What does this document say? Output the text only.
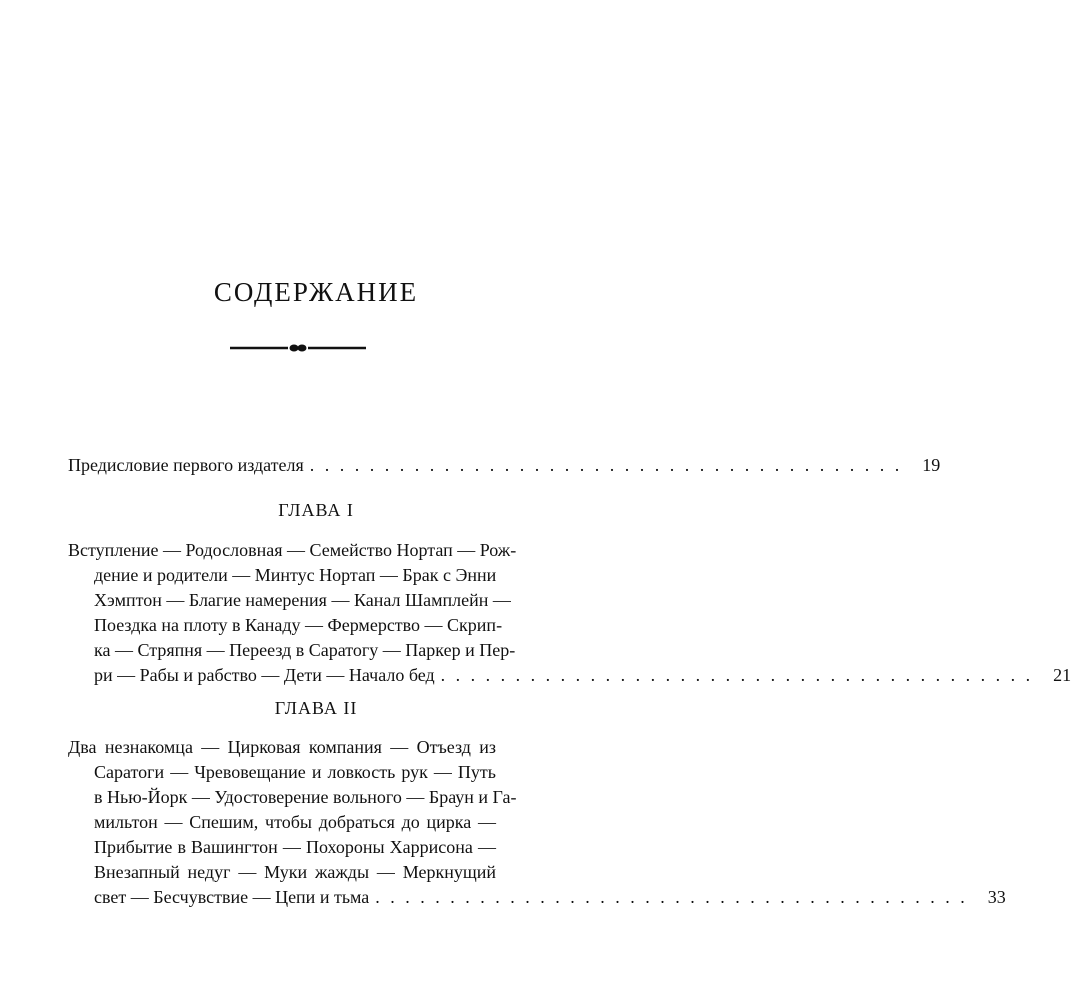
СОДЕРЖАНИЕ
Предисловие первого издателя . . . . . . . . . . . . . . . . . . . . . . . . . . . . . . . . . . . . . . . .	19
ГЛАВА I
Вступление — Родословная — Семейство Нортап — Рож-
дение и родители — Минтус Нортап — Брак с Энни
Хэмптон — Благие намерения — Канал Шамплейн —
Поездка на плоту в Канаду — Фермерство — Скрип-
ка — Стряпня — Переезд в Саратогу — Паркер и Пер-
ри — Рабы и рабство — Дети — Начало бед . . . . . . . . . . . . . . . . . . . . . . . . . . . . . . . . . . . . . . . .	21
ГЛАВА II
Два незнакомца — Цирковая компания — Отъезд из
Саратоги — Чревовещание и ловкость рук — Путь
в Нью-Йорк — Удостоверение вольного — Браун и Га-
мильтон — Спешим, чтобы добраться до цирка —
Прибытие в Вашингтон — Похороны Харрисона —
Внезапный недуг — Муки жажды — Меркнущий
свет — Бесчувствие — Цепи и тьма . . . . . . . . . . . . . . . . . . . . . . . . . . . . . . . . . . . . . . . .	33
